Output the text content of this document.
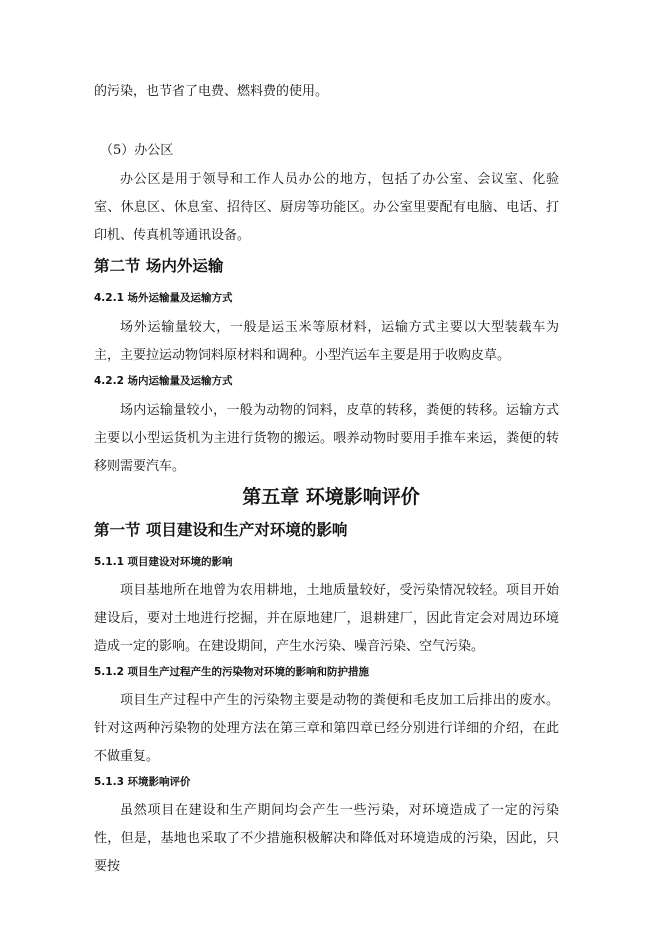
的污染，也节省了电费、燃料费的使用。
（5）办公区
办公区是用于领导和工作人员办公的地方，包括了办公室、会议室、化验室、休息区、休息室、招待区、厨房等功能区。办公室里要配有电脑、电话、打印机、传真机等通讯设备。
第二节 场内外运输
4.2.1 场外运输量及运输方式
场外运输量较大，一般是运玉米等原材料，运输方式主要以大型装载车为主，主要拉运动物饲料原材料和调种。小型汽运车主要是用于收购皮草。
4.2.2 场内运输量及运输方式
场内运输量较小，一般为动物的饲料，皮草的转移，粪便的转移。运输方式主要以小型运货机为主进行货物的搬运。喂养动物时要用手推车来运，粪便的转移则需要汽车。
第五章 环境影响评价
第一节 项目建设和生产对环境的影响
5.1.1 项目建设对环境的影响
项目基地所在地曾为农用耕地，土地质量较好，受污染情况较轻。项目开始建设后，要对土地进行挖掘，并在原地建厂，退耕建厂，因此肯定会对周边环境造成一定的影响。在建设期间，产生水污染、噪音污染、空气污染。
5.1.2 项目生产过程产生的污染物对环境的影响和防护措施
项目生产过程中产生的污染物主要是动物的粪便和毛皮加工后排出的废水。针对这两种污染物的处理方法在第三章和第四章已经分别进行详细的介绍，在此不做重复。
5.1.3 环境影响评价
虽然项目在建设和生产期间均会产生一些污染，对环境造成了一定的污染性，但是，基地也采取了不少措施积极解决和降低对环境造成的污染，因此，只要按
